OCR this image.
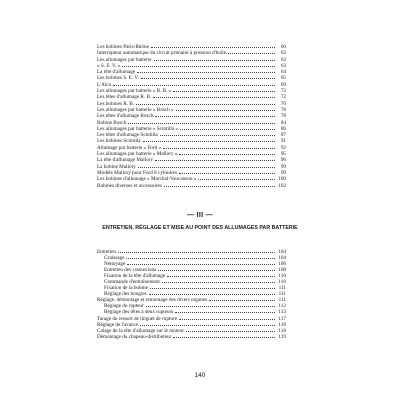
Les bobines Paris-Rhône	60
Interrupteur automatique du circuit primaire à pression d'huile	62
Les allumages par batterie	63
« S. E. V. »	63
La tête d'allumage	64
Les bobines S. E. V.	65
L'Alco	69
Les allumages par batterie « R. B. »	72
Les têtes d'allumage R. B.	72
Les bobines R. B.	76
Les allumages par batterie « Bosch »	78
Les têtes d'allumage Bosch	78
Bobine Bosch	84
Les allumages par batterie « Scintilla »	86
Les têtes d'allumage Scintilla	87
Les bobines Scintilla	91
Allumage par batterie « Ford »	92
Les allumages par batterie « Mallory »	95
La tête d'allumage Mallory	96
La bobine Mallory	99
Modèle Mallory pour Ford 8 cylindres	99
Les bobines d'allumage « Marchal-Vaucanson »	100
Bobines diverses et accessoires	102
— III —
ENTRETIEN, RÉGLAGE ET MISE AU POINT DES ALLUMAGES PAR BATTERIE
Entretien	104
Graissage	104
Nettoyage	106
Entretien des connexions	108
Fixation de la tête d'allumage	110
Commande d'entraînement	110
Fixation de la bobine	111
Réglage des bougies	111
Réglage, démontage et remontage des divers organes	111
Réglage du rupteur	112
Réglage des têtes à deux rupteurs	113
Tarage du ressort de linguet de rupture	117
Réglage de l'avance	118
Calage de la tête d'allumage sur le moteur	118
Démontage du chapeau-distributeur	119
140
